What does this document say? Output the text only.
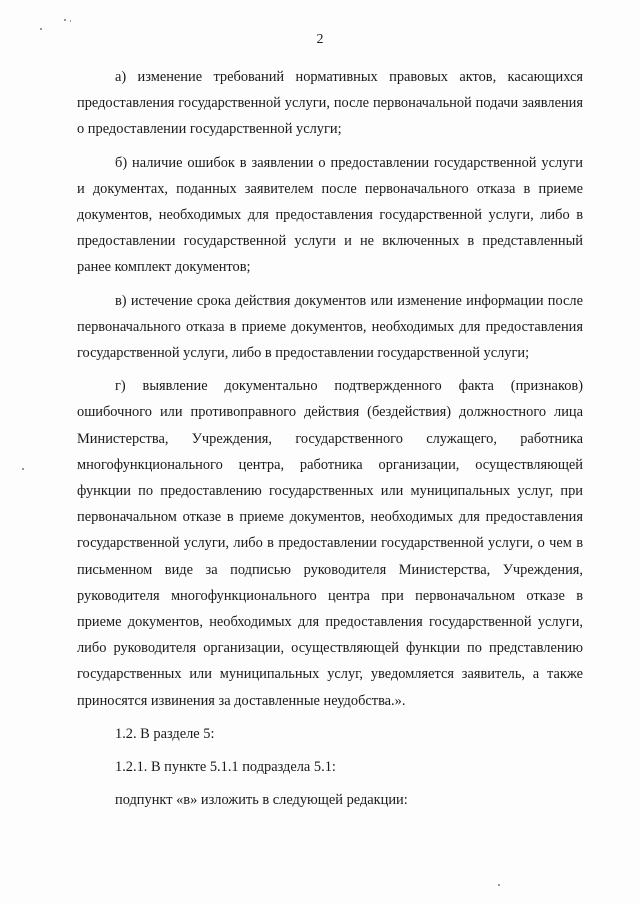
2

а) изменение требований нормативных правовых актов, касающихся предоставления государственной услуги, после первоначальной подачи заявления о предоставлении государственной услуги;

б) наличие ошибок в заявлении о предоставлении государственной услуги и документах, поданных заявителем после первоначального отказа в приеме документов, необходимых для предоставления государственной услуги, либо в предоставлении государственной услуги и не включенных в представленный ранее комплект документов;

в) истечение срока действия документов или изменение информации после первоначального отказа в приеме документов, необходимых для предоставления государственной услуги, либо в предоставлении государственной услуги;

г) выявление документально подтвержденного факта (признаков) ошибочного или противоправного действия (бездействия) должностного лица Министерства, Учреждения, государственного служащего, работника многофункционального центра, работника организации, осуществляющей функции по предоставлению государственных или муниципальных услуг, при первоначальном отказе в приеме документов, необходимых для предоставления государственной услуги, либо в предоставлении государственной услуги, о чем в письменном виде за подписью руководителя Министерства, Учреждения, руководителя многофункционального центра при первоначальном отказе в приеме документов, необходимых для предоставления государственной услуги, либо руководителя организации, осуществляющей функции по представлению государственных или муниципальных услуг, уведомляется заявитель, а также приносятся извинения за доставленные неудобства.».

1.2. В разделе 5:

1.2.1. В пункте 5.1.1 подраздела 5.1:

подпункт «в» изложить в следующей редакции:
